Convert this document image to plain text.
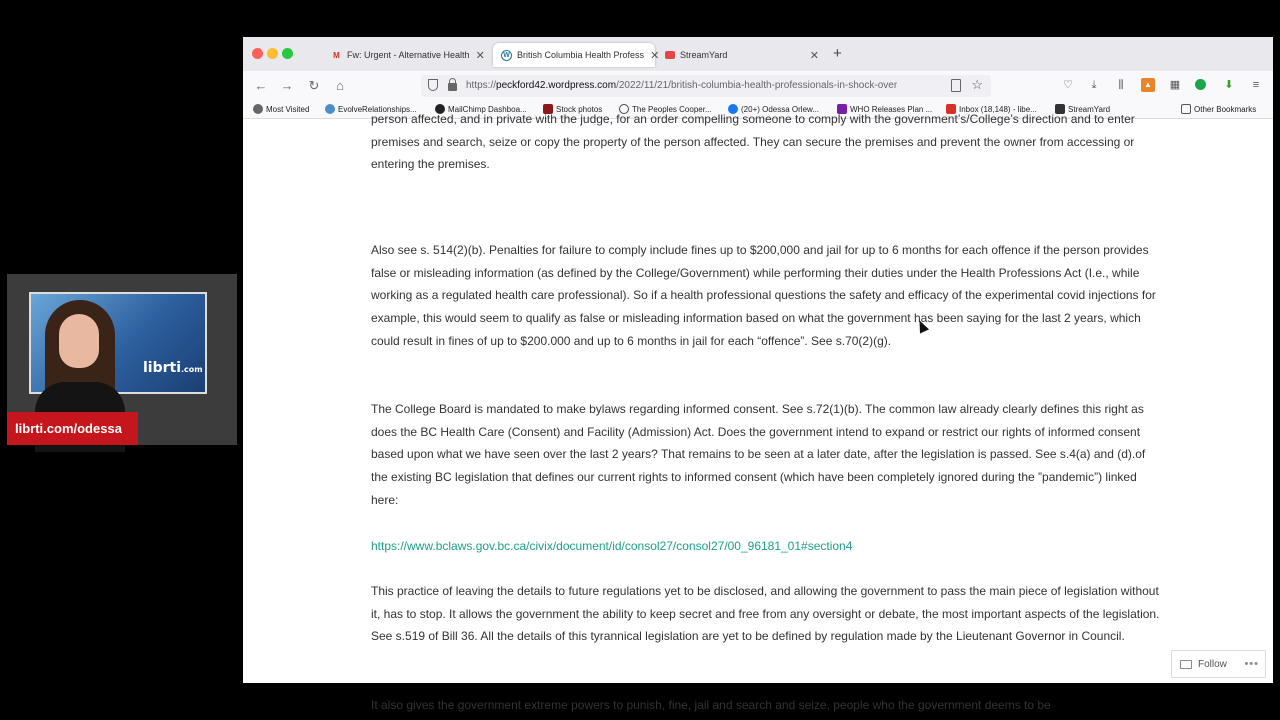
M Fw: Urgent - Alternative Health ✕	W British Columbia Health Profess ✕ StreamYard	✕ +
← → ↻	⌂	https://peckford42.wordpress.com/2022/11/21/british-columbia-health-professionals-in-shock-over	☆	♡	⤓	⫼	▲ ▦	⬇	≡
Most Visited	EvolveRelationships...	MailChimp Dashboa...	Stock photos	The Peoples Cooper...	(20+) Odessa Orlew...	WHO Releases Plan ...	Inbox (18,148) - libe...	StreamYard	Other Bookmarks

person affected, and in private with the judge, for an order compelling someone to comply with the government’s/College’s direction and to enter premises and search, seize or copy the property of the person affected. They can secure the premises and prevent the owner from accessing or entering the premises.

Also see s. 514(2)(b). Penalties for failure to comply include fines up to $200,000 and jail for up to 6 months for each offence if the person provides false or misleading information (as defined by the College/Government) while performing their duties under the Health Professions Act (I.e., while working as a regulated health care professional). So if a health professional questions the safety and efficacy of the experimental covid injections for example, this would seem to qualify as false or misleading information based on what the government has been saying for the last 2 years, which could result in fines of up to $200.000 and up to 6 months in jail for each “offence”. See s.70(2)(g).

The College Board is mandated to make bylaws regarding informed consent. See s.72(1)(b). The common law already clearly defines this right as does the BC Health Care (Consent) and Facility (Admission) Act. Does the government intend to expand or restrict our rights of informed consent based upon what we have seen over the last 2 years? That remains to be seen at a later date, after the legislation is passed. See s.4(a) and (d).of the existing BC legislation that defines our current rights to informed consent (which have been completely ignored during the ”pandemic”) linked here:

https://www.bclaws.gov.bc.ca/civix/document/id/consol27/consol27/00_96181_01#section4

This practice of leaving the details to future regulations yet to be disclosed, and allowing the government to pass the main piece of legislation without it, has to stop. It allows the government the ability to keep secret and free from any oversight or debate, the most important aspects of the legislation. See s.519 of Bill 36. All the details of this tyrannical legislation are yet to be defined by regulation made by the Lieutenant Governor in Council.

It also gives the government extreme powers to punish, fine, jail and search and seize, people who the government deems to be

Follow •••
librti.com
librti.com/odessa
